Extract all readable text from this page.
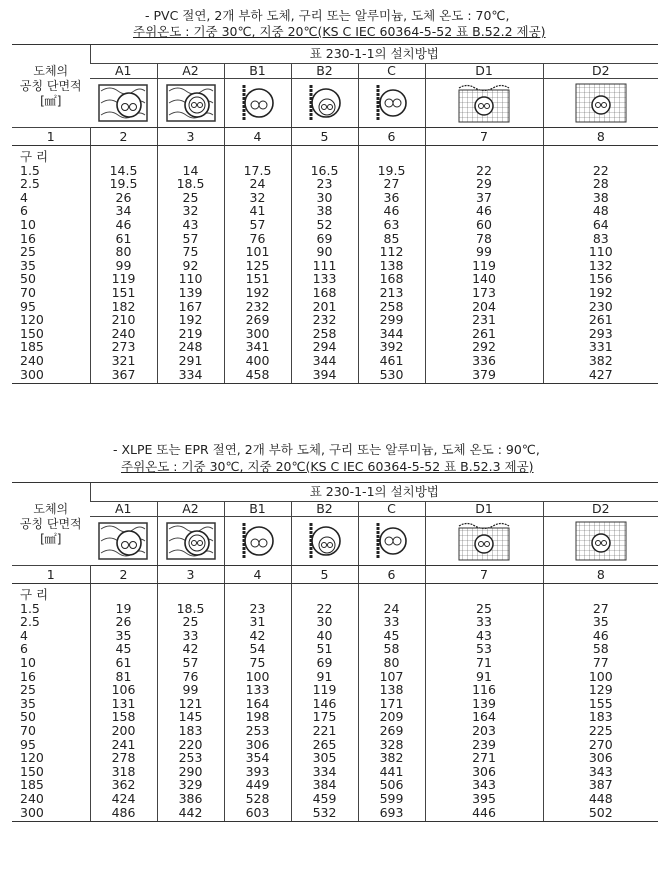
- PVC 절연, 2개 부하 도체, 구리 또는 알루미늄, 도체 온도 : 70℃,
주위온도 : 기중 30℃, 지중 20℃(KS C IEC 60364-5-52 표 B.52.2 제공)
도체의
공칭 단면적
[㎟]	표 230-1-1의 설치방법						
	A1	A2	B1	B2	C	D1	D2

1	2	3	4	5	6	7	8
구 리							
1.5	14.5	14	17.5	16.5	19.5	22	22
2.5	19.5	18.5	24	23	27	29	28
4	26	25	32	30	36	37	38
6	34	32	41	38	46	46	48
10	46	43	57	52	63	60	64
16	61	57	76	69	85	78	83
25	80	75	101	90	112	99	110
35	99	92	125	111	138	119	132
50	119	110	151	133	168	140	156
70	151	139	192	168	213	173	192
95	182	167	232	201	258	204	230
120	210	192	269	232	299	231	261
150	240	219	300	258	344	261	293
185	273	248	341	294	392	292	331
240	321	291	400	344	461	336	382
300	367	334	458	394	530	379	427
- XLPE 또는 EPR 절연, 2개 부하 도체, 구리 또는 알루미늄, 도체 온도 : 90℃,
주위온도 : 기중 30℃, 지중 20℃(KS C IEC 60364-5-52 표 B.52.3 제공)
도체의
공칭 단면적
[㎟]	표 230-1-1의 설치방법						
	A1	A2	B1	B2	C	D1	D2

1	2	3	4	5	6	7	8
구 리							
1.5	19	18.5	23	22	24	25	27
2.5	26	25	31	30	33	33	35
4	35	33	42	40	45	43	46
6	45	42	54	51	58	53	58
10	61	57	75	69	80	71	77
16	81	76	100	91	107	91	100
25	106	99	133	119	138	116	129
35	131	121	164	146	171	139	155
50	158	145	198	175	209	164	183
70	200	183	253	221	269	203	225
95	241	220	306	265	328	239	270
120	278	253	354	305	382	271	306
150	318	290	393	334	441	306	343
185	362	329	449	384	506	343	387
240	424	386	528	459	599	395	448
300	486	442	603	532	693	446	502
